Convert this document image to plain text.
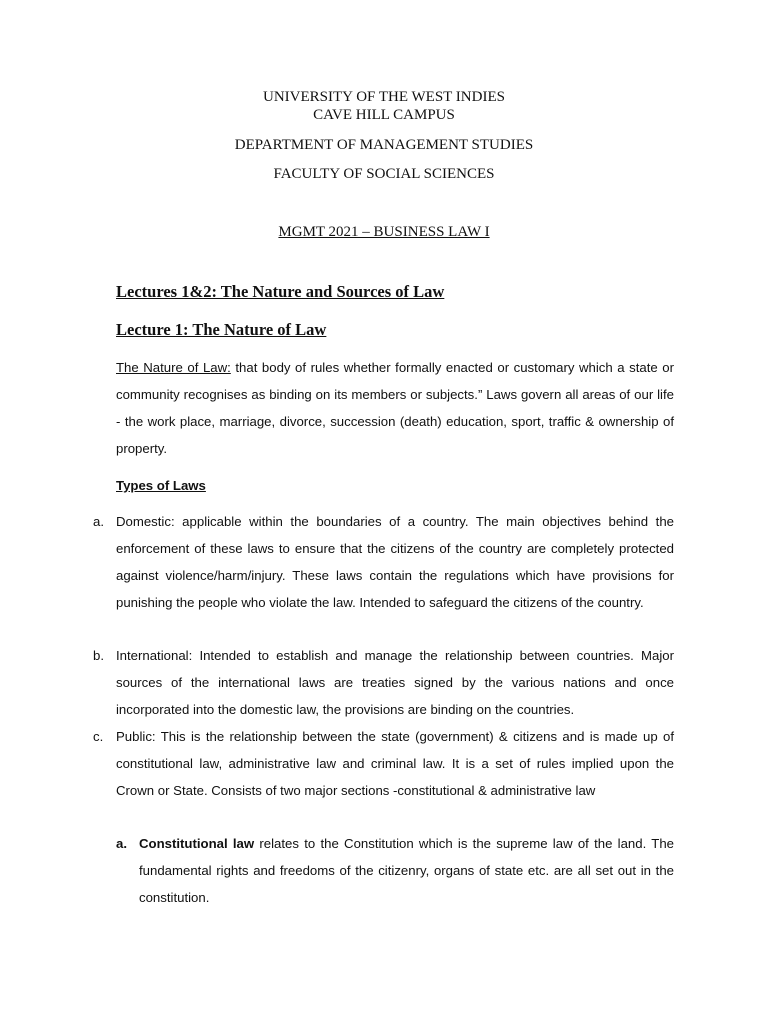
UNIVERSITY OF THE WEST INDIES
CAVE HILL CAMPUS
DEPARTMENT OF MANAGEMENT STUDIES
FACULTY OF SOCIAL SCIENCES
MGMT 2021 – BUSINESS LAW I
Lectures 1&2: The Nature and Sources of Law
Lecture 1: The Nature of Law

The Nature of Law: that body of rules whether formally enacted or customary which a state or community recognises as binding on its members or subjects.” Laws govern all areas of our life - the work place, marriage, divorce, succession (death) education, sport, traffic & ownership of property.

Types of Laws
a. Domestic: applicable within the boundaries of a country. The main objectives behind the enforcement of these laws to ensure that the citizens of the country are completely protected against violence/harm/injury. These laws contain the regulations which have provisions for punishing the people who violate the law. Intended to safeguard the citizens of the country.

b. International: Intended to establish and manage the relationship between countries. Major sources of the international laws are treaties signed by the various nations and once incorporated into the domestic law, the provisions are binding on the countries.

c. Public: This is the relationship between the state (government) & citizens and is made up of constitutional law, administrative law and criminal law. It is a set of rules implied upon the Crown or State. Consists of two major sections -constitutional & administrative law

a. Constitutional law relates to the Constitution which is the supreme law of the land. The fundamental rights and freedoms of the citizenry, organs of state etc. are all set out in the constitution.
